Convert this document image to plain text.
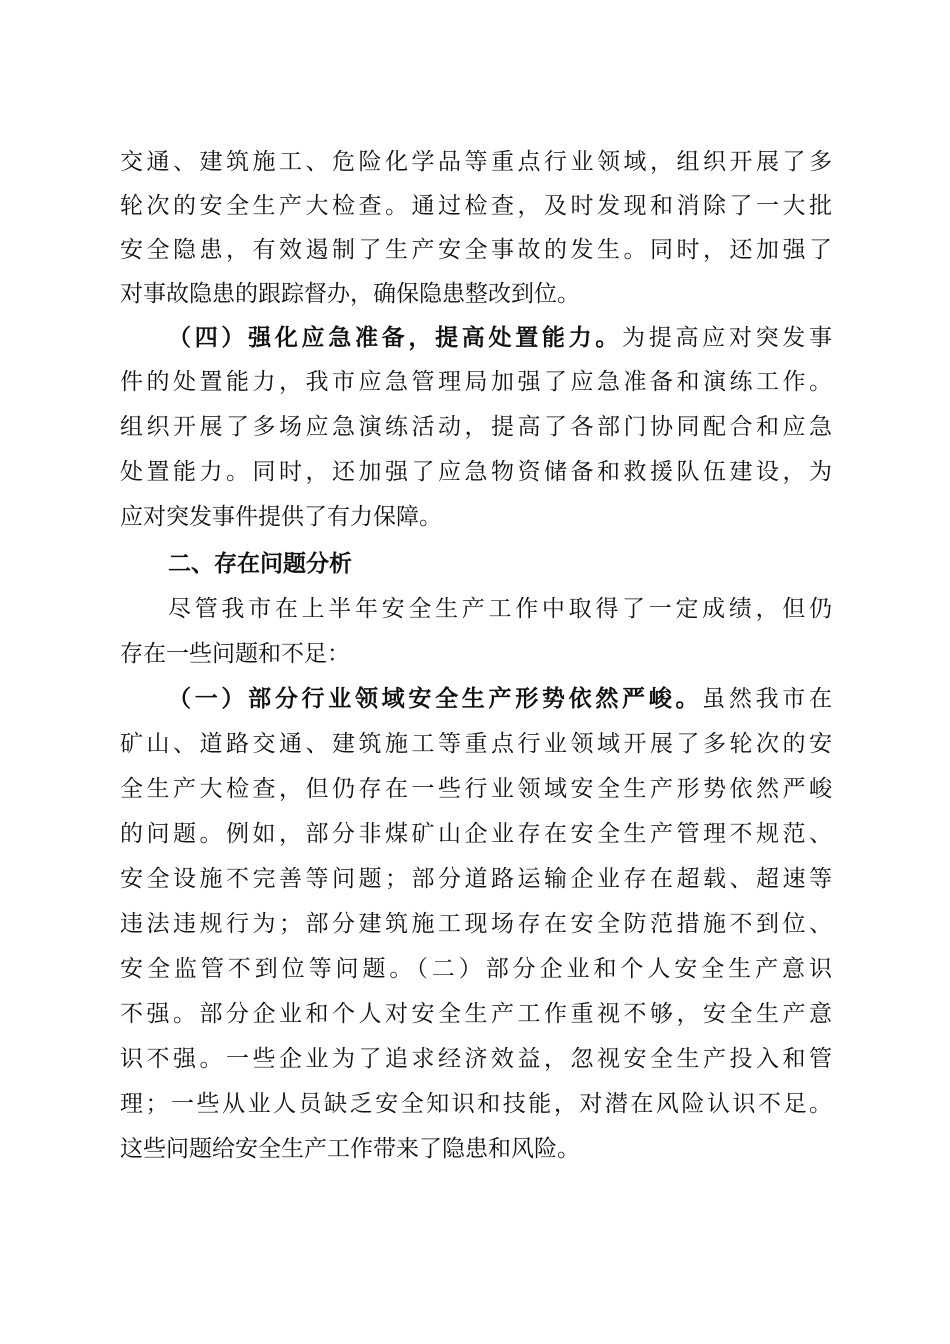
交通、建筑施工、危险化学品等重点行业领域，组织开展了多
轮次的安全生产大检查。通过检查，及时发现和消除了一大批
安全隐患，有效遏制了生产安全事故的发生。同时，还加强了
对事故隐患的跟踪督办，确保隐患整改到位。
（四）强化应急准备，提高处置能力。为提高应对突发事
件的处置能力，我市应急管理局加强了应急准备和演练工作。
组织开展了多场应急演练活动，提高了各部门协同配合和应急
处置能力。同时，还加强了应急物资储备和救援队伍建设，为
应对突发事件提供了有力保障。
二、存在问题分析
尽管我市在上半年安全生产工作中取得了一定成绩，但仍
存在一些问题和不足：
（一）部分行业领域安全生产形势依然严峻。虽然我市在
矿山、道路交通、建筑施工等重点行业领域开展了多轮次的安
全生产大检查，但仍存在一些行业领域安全生产形势依然严峻
的问题。例如，部分非煤矿山企业存在安全生产管理不规范、
安全设施不完善等问题；部分道路运输企业存在超载、超速等
违法违规行为；部分建筑施工现场存在安全防范措施不到位、
安全监管不到位等问题。（二）部分企业和个人安全生产意识
不强。部分企业和个人对安全生产工作重视不够，安全生产意
识不强。一些企业为了追求经济效益，忽视安全生产投入和管
理；一些从业人员缺乏安全知识和技能，对潜在风险认识不足。
这些问题给安全生产工作带来了隐患和风险。
